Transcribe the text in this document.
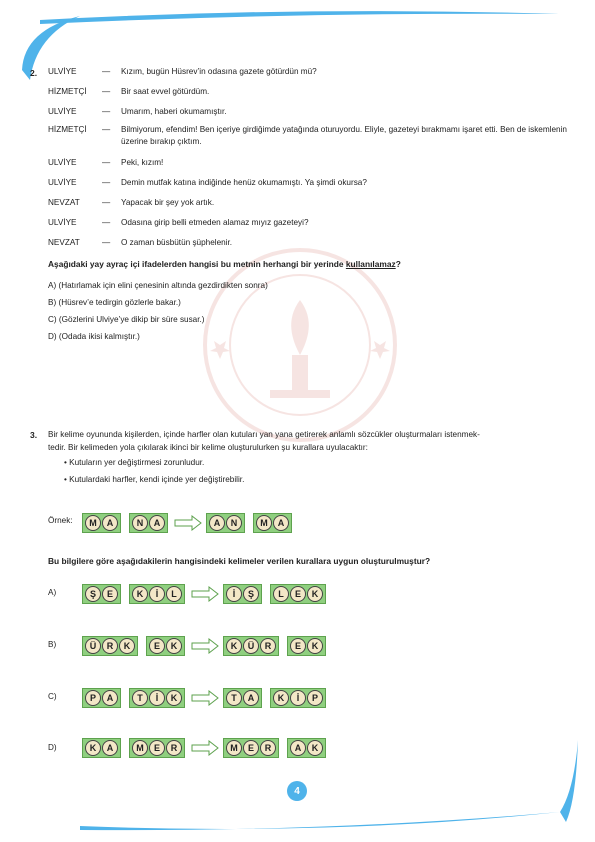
2. ULVİYE	— Kızım, bugün Hüsrev’in odasına gazete götürdün mü?
HİZMETÇİ — Bir saat evvel götürdüm.
ULVİYE	— Umarım, haberi okumamıştır.
HİZMETÇİ — Bilmiyorum, efendim! Ben içeriye girdiğimde yatağında oturuyordu. Eliyle, gazeteyi bırakmamı işaret etti. Ben de iskemlenin üzerine bırakıp çıktım.
ULVİYE	— Peki, kızım!
ULVİYE	— Demin mutfak katına indiğinde henüz okumamıştı. Ya şimdi okursa?
NEVZAT	— Yapacak bir şey yok artık.
ULVİYE	— Odasına girip belli etmeden alamaz mıyız gazeteyi?
NEVZAT	— O zaman büsbütün şüphelenir.
Aşağıdaki yay ayraç içi ifadelerden hangisi bu metnin herhangi bir yerinde kullanılamaz?
A) (Hatırlamak için elini çenesinin altında gezdirdikten sonra)
B) (Hüsrev’e tedirgin gözlerle bakar.)
C) (Gözlerini Ulviye’ye dikip bir süre susar.)
D) (Odada ikisi kalmıştır.)
3. Bir kelime oyununda kişilerden, içinde harfler olan kutuları yan yana getirerek anlamlı sözcükler oluşturmaları istenmek-
tedir. Bir kelimeden yola çıkılarak ikinci bir kelime oluşturulurken şu kurallara uyulacaktır:
• Kutuların yer değiştirmesi zorunludur.
• Kutulardaki harfler, kendi içinde yer değiştirebilir.
Örnek:
Bu bilgilere göre aşağıdakilerin hangisindeki kelimeler verilen kurallara uygun oluşturulmuştur?
A)
B)
C)
D)
M	A	N	A	A	N	M	A
Ş	E	K	İ	L	İ	Ş	L	E	K
Ü	R	K	E	K	K	Ü	R	E	K
P	A	T	İ	K	T	A	K	İ	P
K	A	M	E	R	M	E	R	A	K
4
